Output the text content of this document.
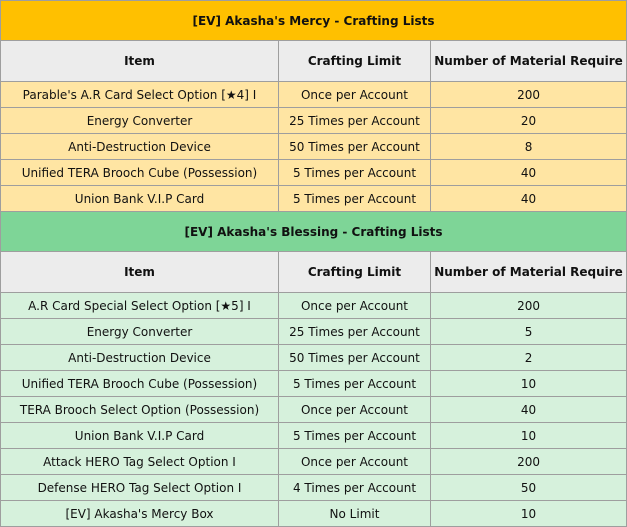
[EV] Akasha's Mercy - Crafting Lists		
Item	Crafting Limit	Number of Material Require
Parable's A.R Card Select Option [★4] I	Once per Account	200
Energy Converter	25 Times per Account	20
Anti-Destruction Device	50 Times per Account	8
Unified TERA Brooch Cube (Possession)	5 Times per Account	40
Union Bank V.I.P Card	5 Times per Account	40
[EV] Akasha's Blessing - Crafting Lists		
Item	Crafting Limit	Number of Material Require
A.R Card Special Select Option [★5] I	Once per Account	200
Energy Converter	25 Times per Account	5
Anti-Destruction Device	50 Times per Account	2
Unified TERA Brooch Cube (Possession)	5 Times per Account	10
TERA Brooch Select Option (Possession)	Once per Account	40
Union Bank V.I.P Card	5 Times per Account	10
Attack HERO Tag Select Option I	Once per Account	200
Defense HERO Tag Select Option I	4 Times per Account	50
[EV] Akasha's Mercy Box	No Limit	10
